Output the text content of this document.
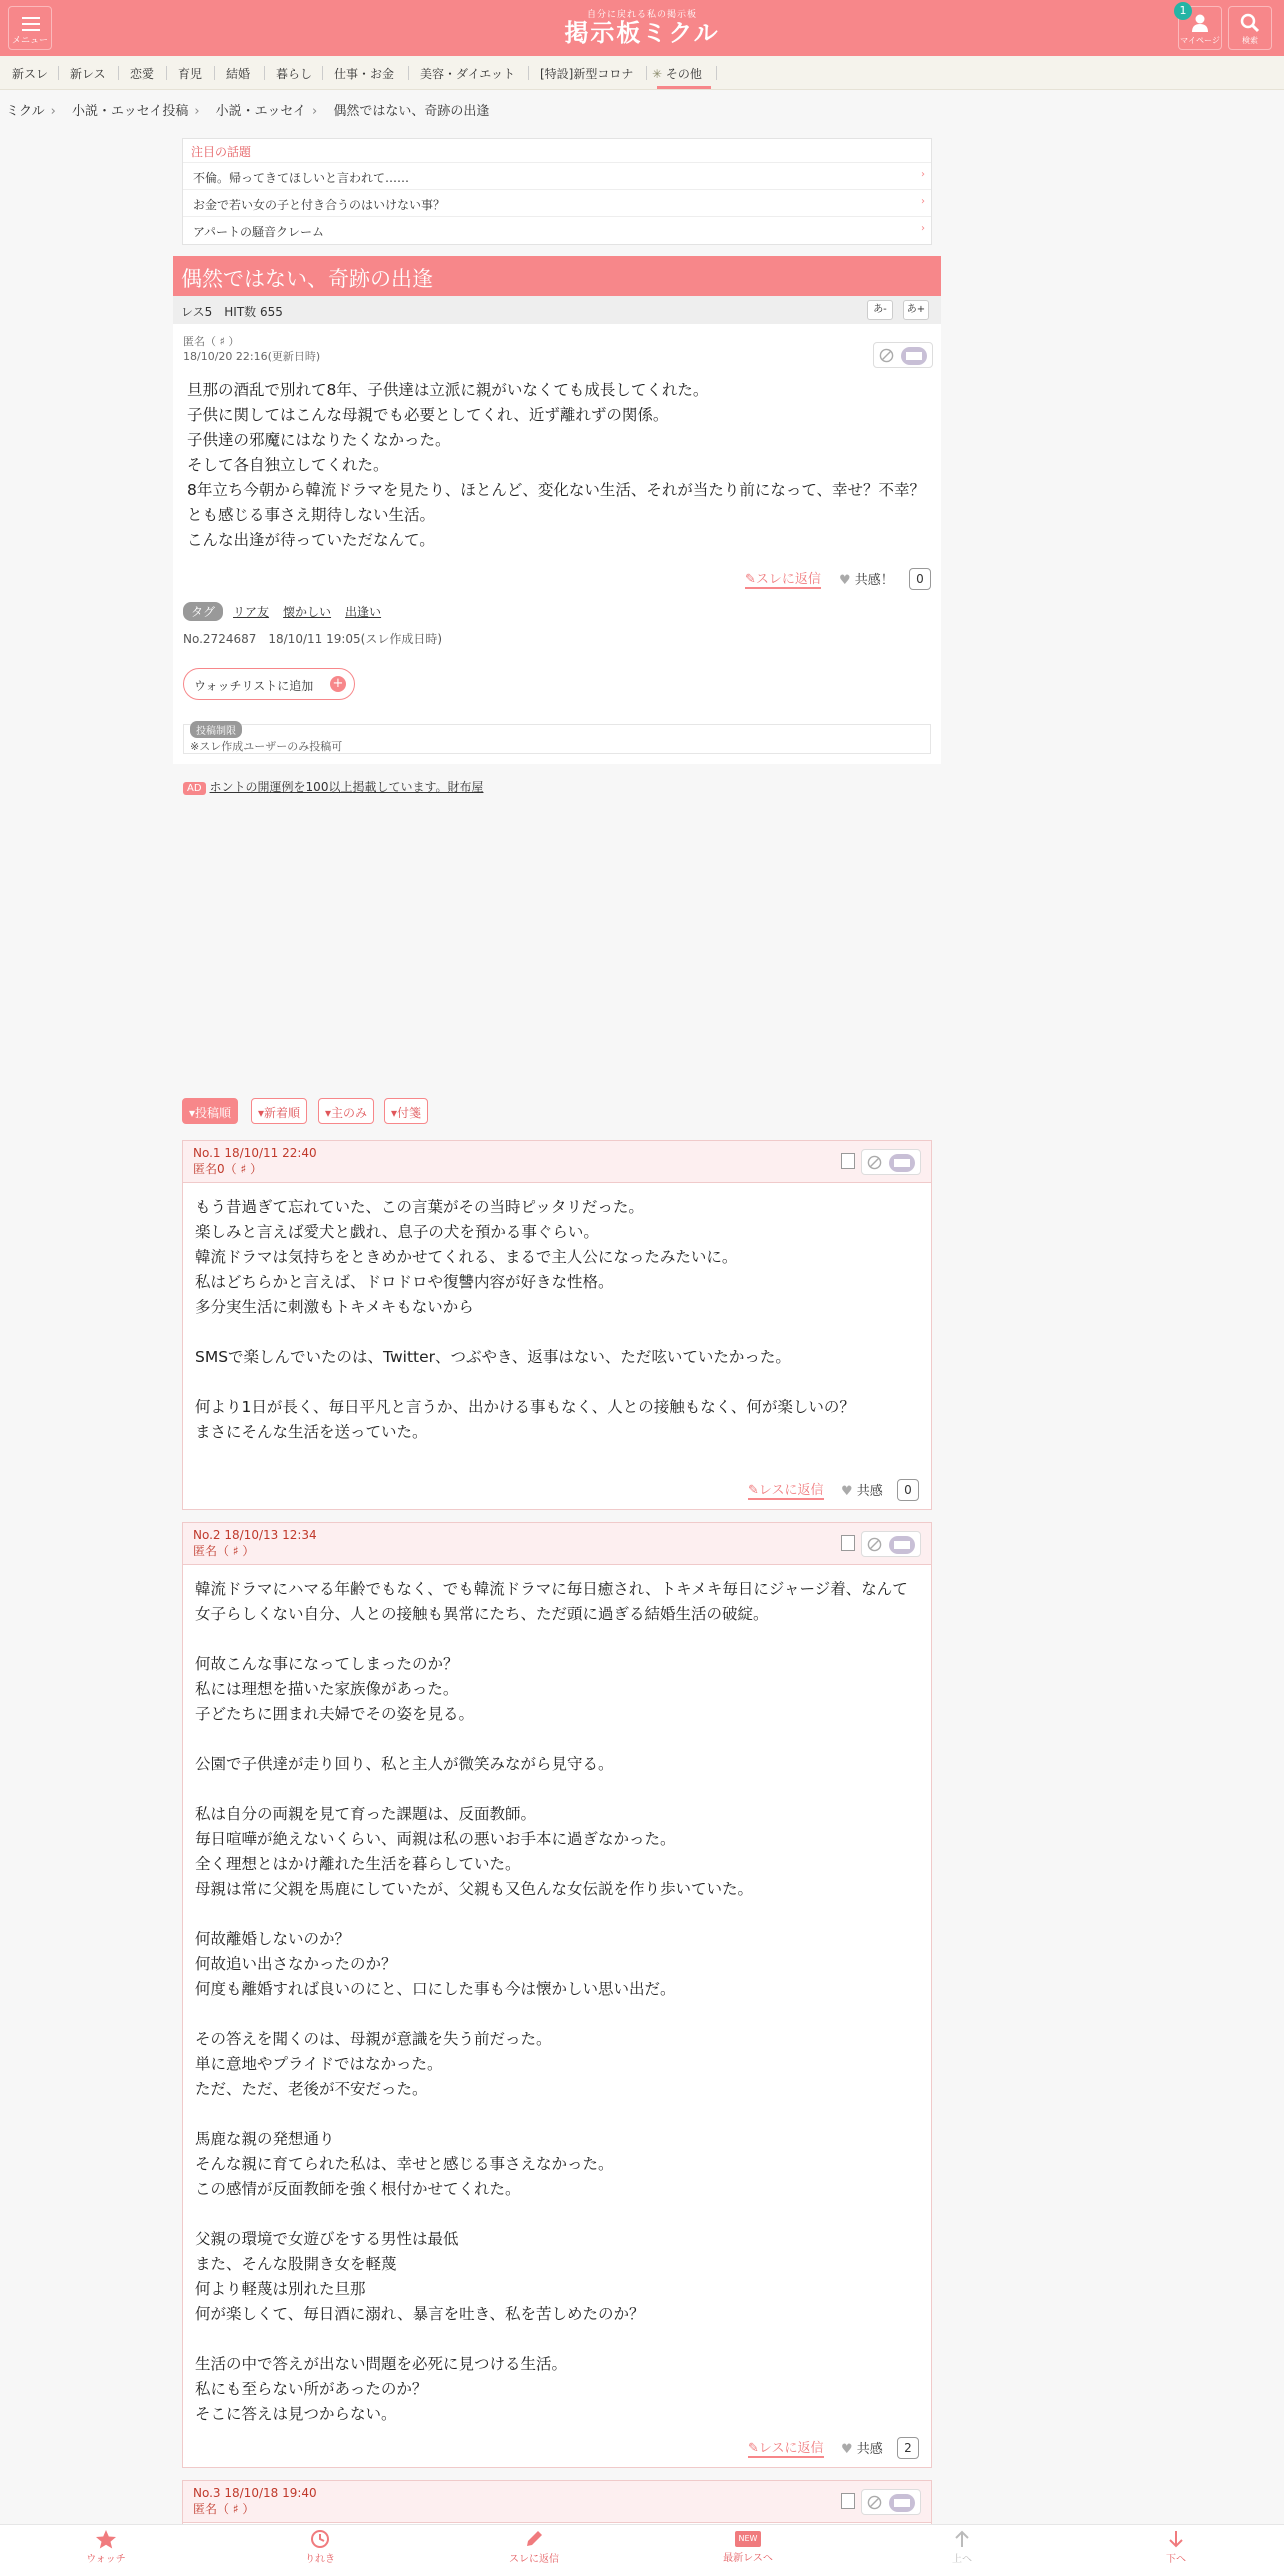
メニュー
自分に戻れる私の掲示板
掲示板ミクル	マイページ
1
検索
新スレ 新レス 恋愛 育児 結婚 暮らし 仕事・お金 美容・ダイエット [特設]新型コロナ ✳ その他
ミクル › 小説・エッセイ投稿 › 小説・エッセイ › 偶然ではない、奇跡の出逢
注目の話題
不倫。帰ってきてほしいと言われて……	›
お金で若い女の子と付き合うのはいけない事？	›
アパートの騒音クレーム	›
偶然ではない、奇跡の出逢
レス5　HIT数 655	あ-	あ+
匿名（ ♯ ）
18/10/20 22:16(更新日時)
旦那の酒乱で別れて8年、子供達は立派に親がいなくても成長してくれた。
子供に関してはこんな母親でも必要としてくれ、近ず離れずの関係。
子供達の邪魔にはなりたくなかった。
そして各自独立してくれた。
8年立ち今朝から韓流ドラマを見たり、ほとんど、変化ない生活、それが当たり前になって、幸せ？不幸？とも感じる事さえ期待しない生活。
こんな出逢が待っていただなんて。
✎スレに返信 ♥ 共感！	0
タグ リア友 懐かしい 出逢い
No.2724687　18/10/11 19:05(スレ作成日時)
ウォッチリストに追加 +
投稿制限
※スレ作成ユーザーのみ投稿可
AD ホントの開運例を100以上掲載しています。財布屋
▾投稿順	▾新着順	▾主のみ	▾付箋
No.1 18/10/11 22:40
匿名0（ ♯ ）
もう昔過ぎて忘れていた、この言葉がその当時ピッタリだった。
楽しみと言えば愛犬と戯れ、息子の犬を預かる事ぐらい。
韓流ドラマは気持ちをときめかせてくれる、まるで主人公になったみたいに。
私はどちらかと言えば、ドロドロや復讐内容が好きな性格。
多分実生活に刺激もトキメキもないから
SMSで楽しんでいたのは、Twitter、つぶやき、返事はない、ただ呟いていたかった。
何より1日が長く、毎日平凡と言うか、出かける事もなく、人との接触もなく、何が楽しいの？
まさにそんな生活を送っていた。
✎レスに返信 ♥ 共感	0
No.2 18/10/13 12:34
匿名（ ♯ ）
韓流ドラマにハマる年齢でもなく、でも韓流ドラマに毎日癒され、トキメキ毎日にジャージ着、なんて女子らしくない自分、人との接触も異常にたち、ただ頭に過ぎる結婚生活の破綻。
何故こんな事になってしまったのか？
私には理想を描いた家族像があった。
子どたちに囲まれ夫婦でその姿を見る。
公園で子供達が走り回り、私と主人が微笑みながら見守る。
私は自分の両親を見て育った課題は、反面教師。
毎日喧嘩が絶えないくらい、両親は私の悪いお手本に過ぎなかった。
全く理想とはかけ離れた生活を暮らしていた。
母親は常に父親を馬鹿にしていたが、父親も又色んな女伝説を作り歩いていた。
何故離婚しないのか？
何故追い出さなかったのか？
何度も離婚すれば良いのにと、口にした事も今は懐かしい思い出だ。
その答えを聞くのは、母親が意識を失う前だった。
単に意地やプライドではなかった。
ただ、ただ、老後が不安だった。
馬鹿な親の発想通り
そんな親に育てられた私は、幸せと感じる事さえなかった。
この感情が反面教師を強く根付かせてくれた。
父親の環境で女遊びをする男性は最低
また、そんな股開き女を軽蔑
何より軽蔑は別れた旦那
何が楽しくて、毎日酒に溺れ、暴言を吐き、私を苦しめたのか？
生活の中で答えが出ない問題を必死に見つける生活。
私にも至らない所があったのか？
そこに答えは見つからない。
✎レスに返信 ♥ 共感	2
No.3 18/10/18 19:40
匿名（ ♯ ）
ウォッチ	りれき	スレに返信
NEW
最新レスへ	上へ	下へ
